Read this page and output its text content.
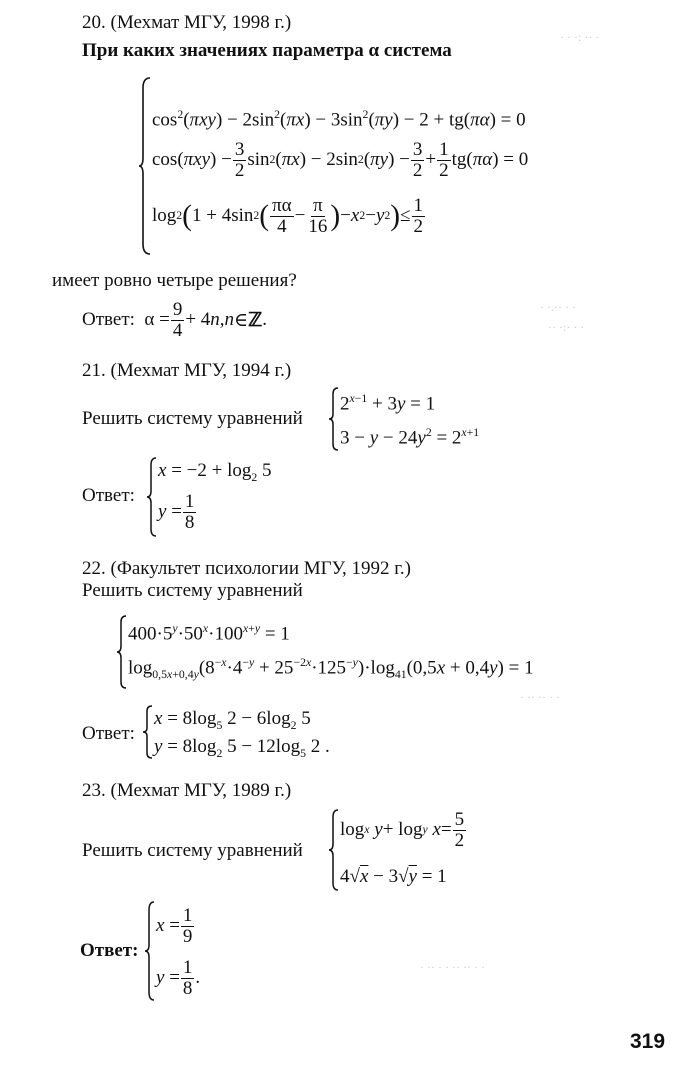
20. (Мехмат МГУ, 1998 г.)
При каких значениях параметра α система
$\cos^2(\pi xy) - 2\sin^2(\pi x) - 3\sin^2(\pi y) - 2 + tg(\pi\alpha) = 0$
cos( πxy ) − $\frac{3}{2}$ sin 2 ( πx ) − 2sin 2 ( πy ) − $\frac{3}{2} + \frac{1}{2} tg$( πα ) = 0
log 2 ( 1 + 4sin 2 ( $\frac{\pi\alpha}{4} - \frac{\pi}{16}$ ) − x 2 − y 2 ) ≤ $\frac{1}{2}$
имеет ровно четыре решения?
Ответ: $\alpha = \frac{9}{4} + 4$ n , n ∈ ℤ .
21. (Мехмат МГУ, 1994 г.)
Решить систему уравнений
$2^{x-1} + 3y = 1$
$3 - y - 24y^2 = 2^{x+1}$
Ответ:
$x = -2 + \log_2 5$
$y = \frac{1}{8}$
22. (Факультет психологии МГУ, 1992 г.)
Решить систему уравнений
$400\cdot 5^y\cdot 50^x\cdot 100^{x+y} = 1$
$\log_{0,5x+0,4y}(8^{-x}\cdot 4^{-y} + 25^{-2x}\cdot 125^{-y})\cdot\log_{41}(0,5x + 0,4y) = 1$
Ответ:
$x = 8\log_5$ $2 - 6\log_2$ 5
$y = 8\log_2$ $5 - 12\log_5$ 2 .
23. (Мехмат МГУ, 1989 г.)
Решить систему уравнений
log x
y + log y
$x = \frac{5}{2}$
4√x − 3√y = 1
Ответ:
$x = \frac{1}{9}$
$y = \frac{1}{8}$ .
319
· · ·: ·· ·
· ·.·· · ·
·· ·:· · ·
· ·· ·· · ·
· ·· · · ·· ·· · ·
